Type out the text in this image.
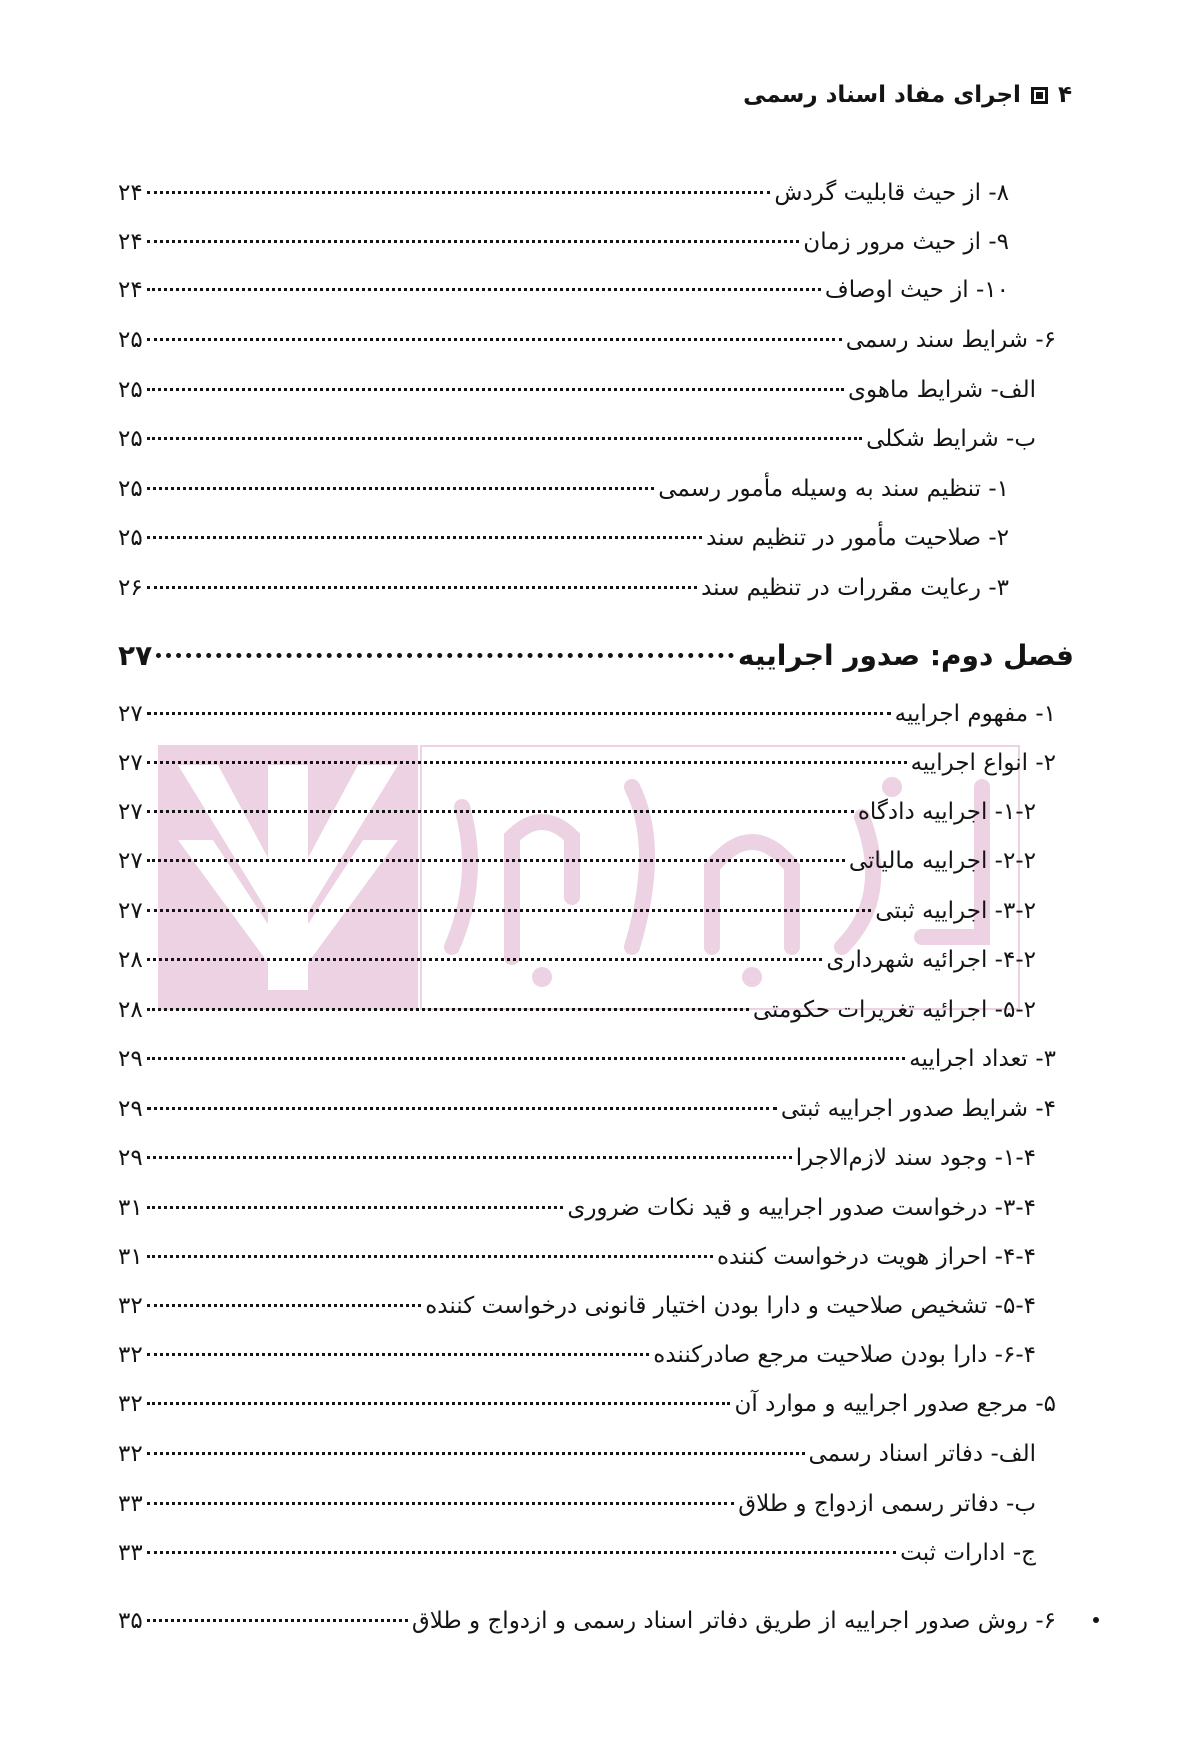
۴
اجرای مفاد اسناد رسمی
۸- از حیث قابلیت گردش
۲۴
۹- از حیث مرور زمان
۲۴
۱۰- از حیث اوصاف
۲۴
۶- شرایط سند رسمی
۲۵
الف- شرایط ماهوی
۲۵
ب- شرایط شکلی
۲۵
۱- تنظیم سند به وسیله مأمور رسمی
۲۵
۲- صلاحیت مأمور در تنظیم سند
۲۵
۳- رعایت مقررات در تنظیم سند
۲۶
فصل دوم: صدور اجراییه
۲۷
۱- مفهوم اجراییه
۲۷
۲- انواع اجراییه
۲۷
۱-۲- اجراییه دادگاه
۲۷
۲-۲- اجراییه مالیاتی
۲۷
۳-۲- اجراییه ثبتی
۲۷
۴-۲- اجرائیه شهرداری
۲۸
۵-۲- اجرائیه تغریرات حکومتی
۲۸
۳- تعداد اجراییه
۲۹
۴- شرایط صدور اجراییه ثبتی
۲۹
۱-۴- وجود سند لازم‌الاجرا
۲۹
۳-۴- درخواست صدور اجراییه و قید نکات ضروری
۳۱
۴-۴- احراز هویت درخواست کننده
۳۱
۵-۴- تشخیص صلاحیت و دارا بودن اختیار قانونی درخواست کننده
۳۲
۶-۴- دارا بودن صلاحیت مرجع صادرکننده
۳۲
۵- مرجع صدور اجراییه و موارد آن
۳۲
الف- دفاتر اسناد رسمی
۳۲
ب- دفاتر رسمی ازدواج و طلاق
۳۳
ج- ادارات ثبت
۳۳
۶- روش صدور اجراییه از طریق دفاتر اسناد رسمی و ازدواج و طلاق
۳۵
